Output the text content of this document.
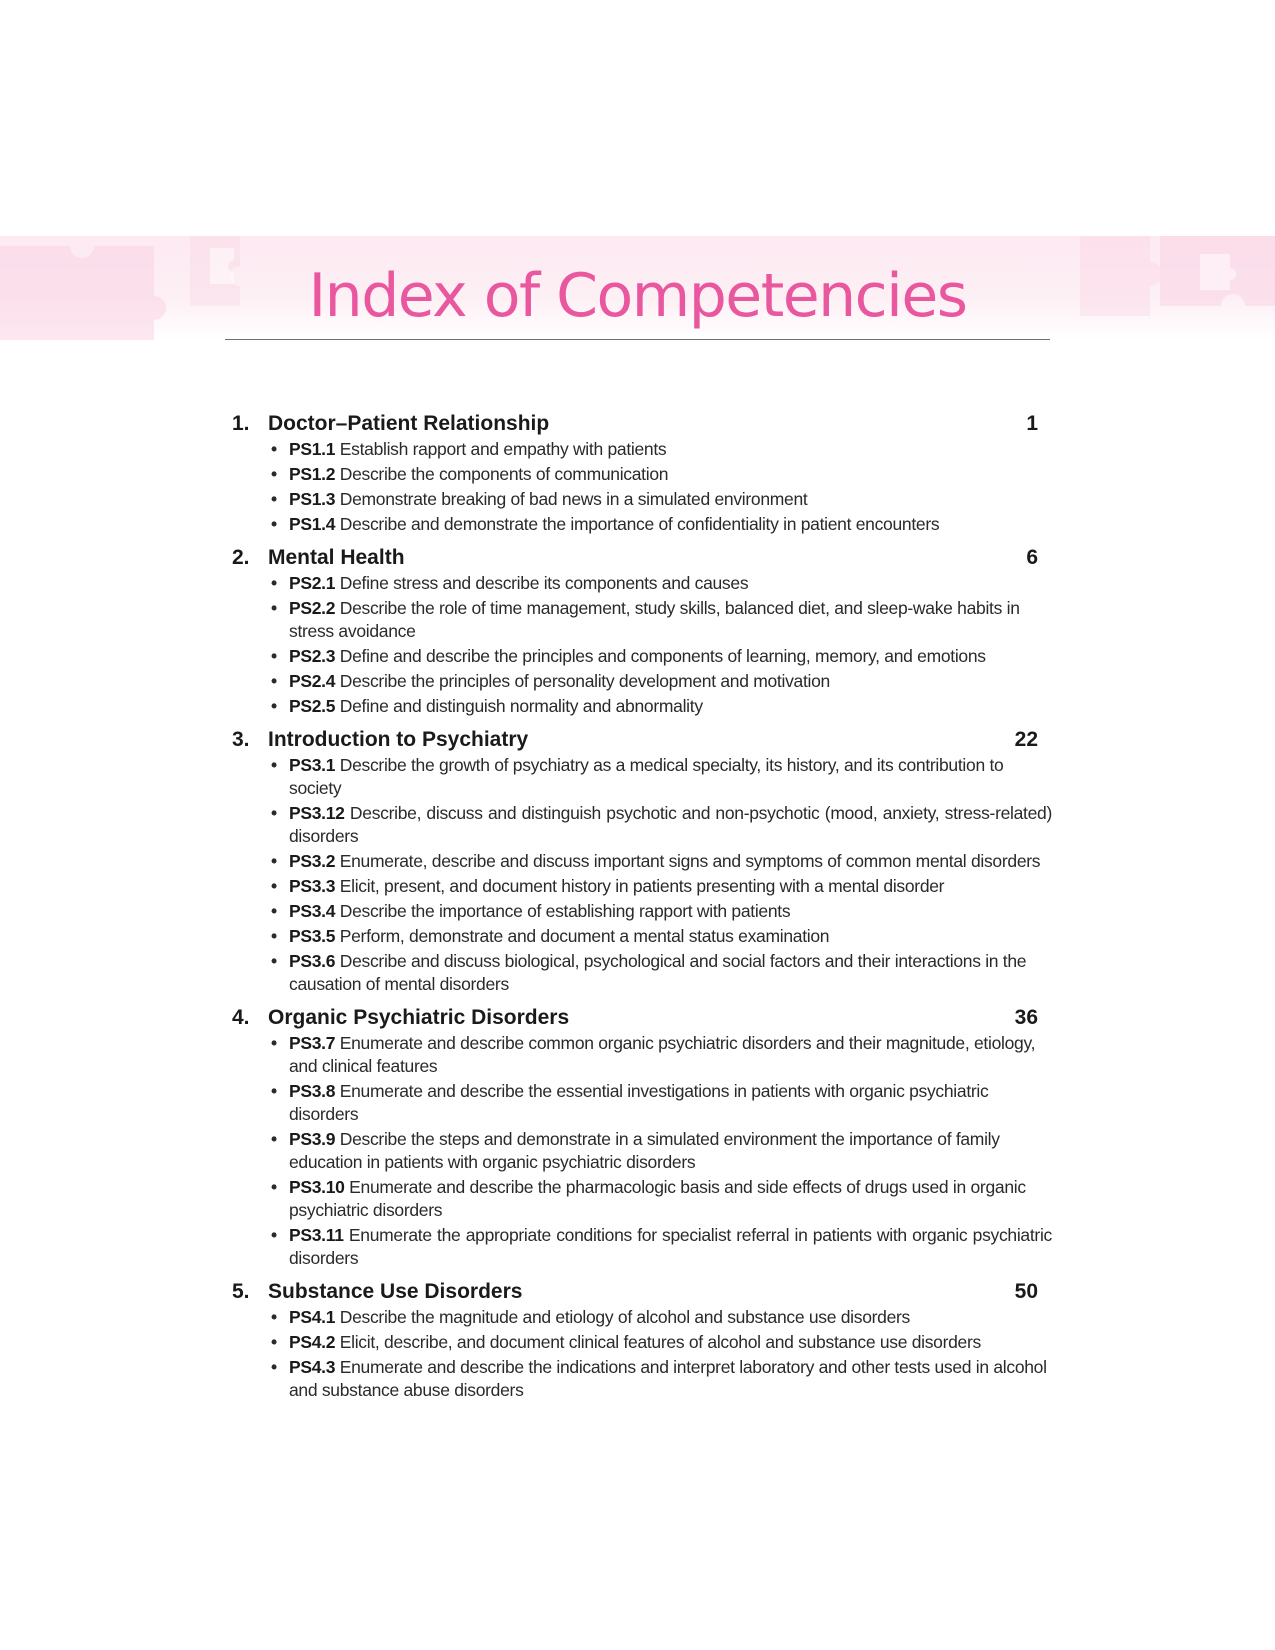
Index of Competencies
1. Doctor–Patient Relationship	1
• PS1.1 Establish rapport and empathy with patients
• PS1.2 Describe the components of communication
• PS1.3 Demonstrate breaking of bad news in a simulated environment
• PS1.4 Describe and demonstrate the importance of confidentiality in patient encounters
2. Mental Health	6
• PS2.1 Define stress and describe its components and causes
• PS2.2 Describe the role of time management, study skills, balanced diet, and sleep-wake habits in stress avoidance
• PS2.3 Define and describe the principles and components of learning, memory, and emotions
• PS2.4 Describe the principles of personality development and motivation
• PS2.5 Define and distinguish normality and abnormality
3. Introduction to Psychiatry	22
• PS3.1 Describe the growth of psychiatry as a medical specialty, its history, and its contribution to society
• PS3.12 Describe, discuss and distinguish psychotic and non-psychotic (mood, anxiety, stress-related) disorders
• PS3.2 Enumerate, describe and discuss important signs and symptoms of common mental disorders
• PS3.3 Elicit, present, and document history in patients presenting with a mental disorder
• PS3.4 Describe the importance of establishing rapport with patients
• PS3.5 Perform, demonstrate and document a mental status examination
• PS3.6 Describe and discuss biological, psychological and social factors and their interactions in the causation of mental disorders
4. Organic Psychiatric Disorders	36
• PS3.7 Enumerate and describe common organic psychiatric disorders and their magnitude, etiology, and clinical features
• PS3.8 Enumerate and describe the essential investigations in patients with organic psychiatric disorders
• PS3.9 Describe the steps and demonstrate in a simulated environment the importance of family education in patients with organic psychiatric disorders
• PS3.10 Enumerate and describe the pharmacologic basis and side effects of drugs used in organic psychiatric disorders
• PS3.11 Enumerate the appropriate conditions for specialist referral in patients with organic psychiatric disorders
5. Substance Use Disorders	50
• PS4.1 Describe the magnitude and etiology of alcohol and substance use disorders
• PS4.2 Elicit, describe, and document clinical features of alcohol and substance use disorders
• PS4.3 Enumerate and describe the indications and interpret laboratory and other tests used in alcohol and substance abuse disorders
